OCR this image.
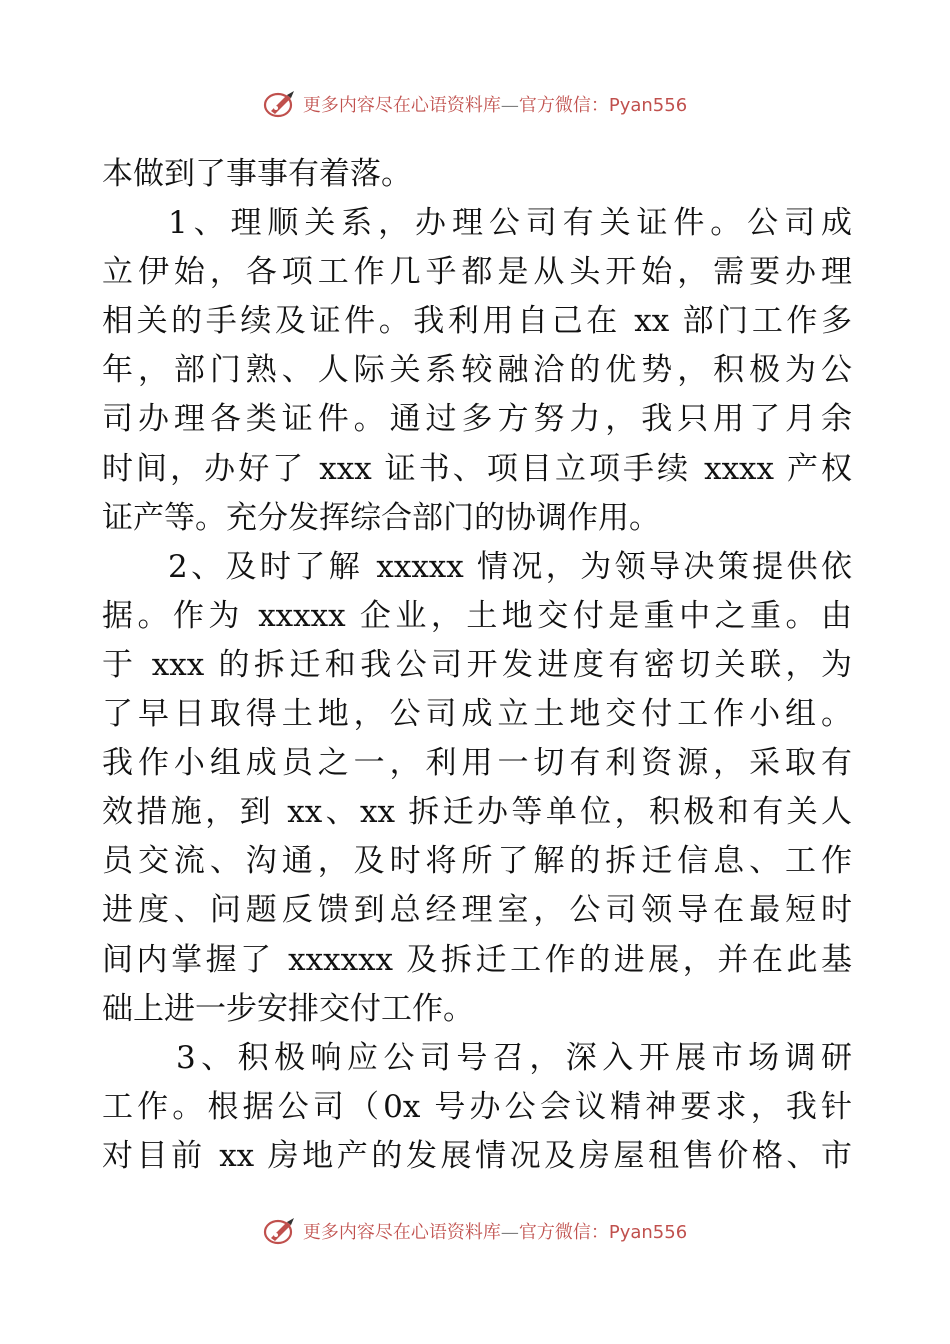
更多内容尽在心语资料库—官方微信：Pyan556
本做到了事事有着落。
1、理顺关系，办理公司有关证件。公司成
立伊始，各项工作几乎都是从头开始，需要办理
相关的手续及证件。我利用自己在 xx 部门工作多
年，部门熟、人际关系较融洽的优势，积极为公
司办理各类证件。通过多方努力，我只用了月余
时间，办好了 xxx 证书、项目立项手续 xxxx 产权
证产等。充分发挥综合部门的协调作用。
2、及时了解 xxxxx 情况，为领导决策提供依
据。作为 xxxxx 企业，土地交付是重中之重。由
于 xxx 的拆迁和我公司开发进度有密切关联，为
了早日取得土地，公司成立土地交付工作小组。
我作小组成员之一，利用一切有利资源，采取有
效措施，到 xx、xx 拆迁办等单位，积极和有关人
员交流、沟通，及时将所了解的拆迁信息、工作
进度、问题反馈到总经理室，公司领导在最短时
间内掌握了 xxxxxx 及拆迁工作的进展，并在此基
础上进一步安排交付工作。
3、积极响应公司号召，深入开展市场调研
工作。根据公司（0x 号办公会议精神要求，我针
对目前 xx 房地产的发展情况及房屋租售价格、市
更多内容尽在心语资料库—官方微信：Pyan556
